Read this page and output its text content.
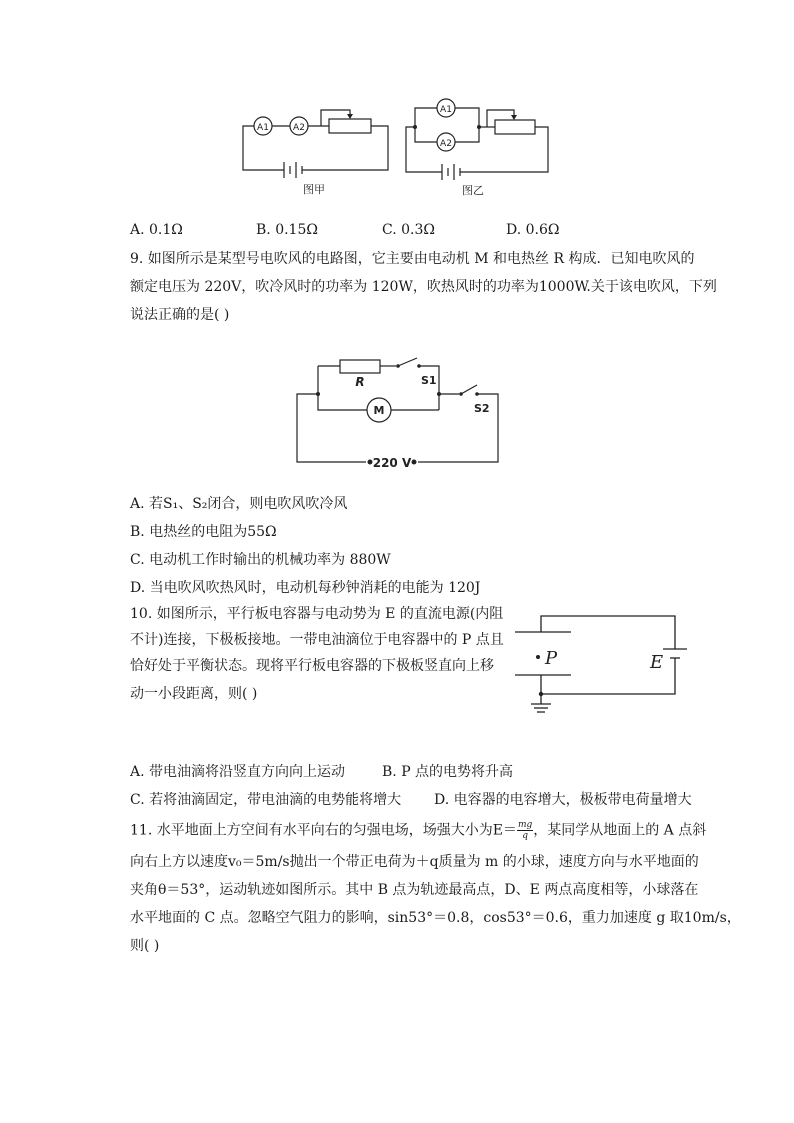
A1	A2
图甲
A1
A2
图乙
A. 0.1Ω	B. 0.15Ω	C. 0.3Ω	D. 0.6Ω
9. 如图所示是某型号电吹风的电路图，它主要由电动机 M 和电热丝 R 构成．已知电吹风的
额定电压为 220V，吹冷风时的功率为 120W，吹热风时的功率为1000W.关于该电吹风，下列
说法正确的是( )
M
R	S1
S2
220 V
A. 若S₁、S₂闭合，则电吹风吹冷风
B. 电热丝的电阻为55Ω
C. 电动机工作时输出的机械功率为 880W
D. 当电吹风吹热风时，电动机每秒钟消耗的电能为 120J
10. 如图所示，平行板电容器与电动势为 E 的直流电源(内阻
不计)连接，下极板接地。一带电油滴位于电容器中的 P 点且
恰好处于平衡状态。现将平行板电容器的下极板竖直向上移
动一小段距离，则( )
P	E
A. 带电油滴将沿竖直方向向上运动	B. P 点的电势将升高
C. 若将油滴固定，带电油滴的电势能将增大 D. 电容器的电容增大，极板带电荷量增大
11. 水平地面上方空间有水平向右的匀强电场，场强大小为$E= \frac{mg}{q}$ ，某同学从地面上的 A 点斜
向右上方以速度v₀＝5m/s抛出一个带正电荷为＋q质量为 m 的小球，速度方向与水平地面的
夹角θ＝53°，运动轨迹如图所示。其中 B 点为轨迹最高点，D、E 两点高度相等，小球落在
水平地面的 C 点。忽略空气阻力的影响，sin53°＝0.8，cos53°＝0.6，重力加速度 g 取10m/s，
则( )
